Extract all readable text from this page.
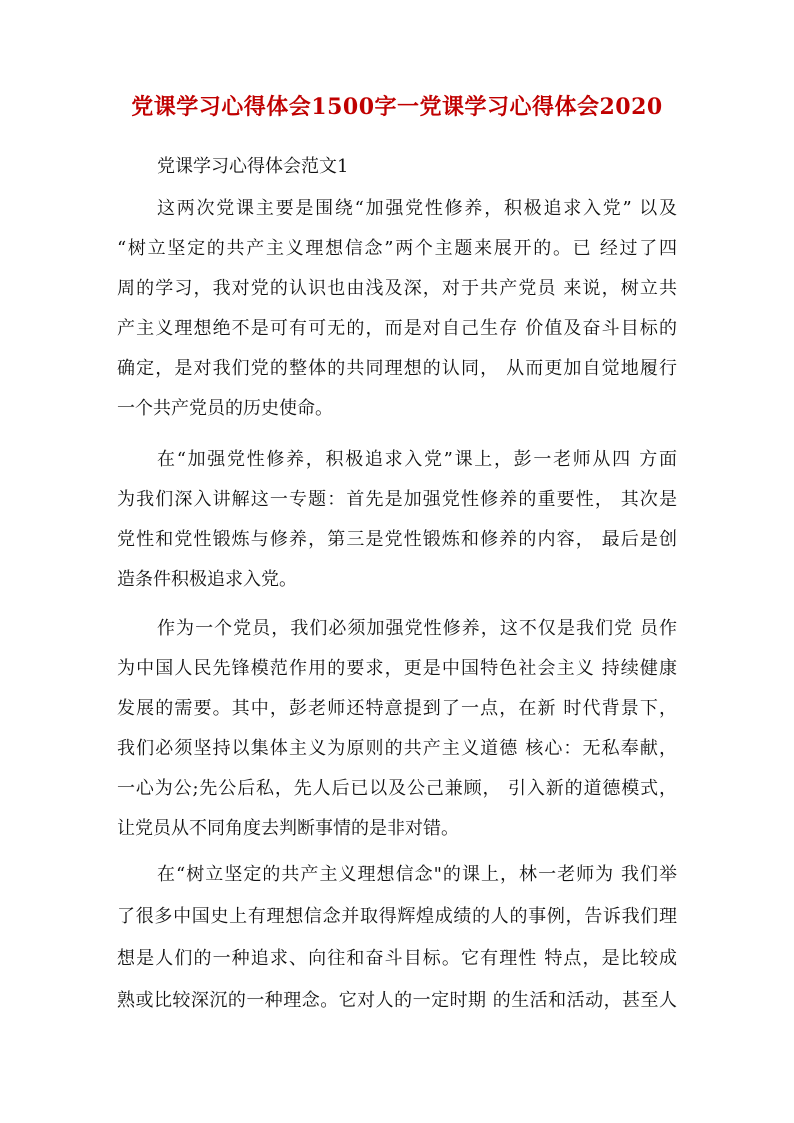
党课学习心得体会1500字一党课学习心得体会2020
党课学习心得体会范文1
这两次党课主要是围绕“加强党性修养，积极追求入党” 以及
“树立坚定的共产主义理想信念”两个主题来展开的。已 经过了四
周的学习，我对党的认识也由浅及深，对于共产党员 来说，树立共
产主义理想绝不是可有可无的，而是对自己生存 价值及奋斗目标的
确定，是对我们党的整体的共同理想的认同， 从而更加自觉地履行
一个共产党员的历史使命。
在“加强党性修养，积极追求入党”课上，彭一老师从四 方面
为我们深入讲解这一专题：首先是加强党性修养的重要性， 其次是
党性和党性锻炼与修养，第三是党性锻炼和修养的内容， 最后是创
造条件积极追求入党。
作为一个党员，我们必须加强党性修养，这不仅是我们党 员作
为中国人民先锋模范作用的要求，更是中国特色社会主义 持续健康
发展的需要。其中，彭老师还特意提到了一点，在新 时代背景下，
我们必须坚持以集体主义为原则的共产主义道德 核心：无私奉献，
一心为公;先公后私，先人后已以及公己兼顾， 引入新的道德模式，
让党员从不同角度去判断事情的是非对错。
在“树立坚定的共产主义理想信念"的课上，林一老师为 我们举
了很多中国史上有理想信念并取得辉煌成绩的人的事例，告诉我们理
想是人们的一种追求、向往和奋斗目标。它有理性 特点，是比较成
熟或比较深沉的一种理念。它对人的一定时期 的生活和活动，甚至人
